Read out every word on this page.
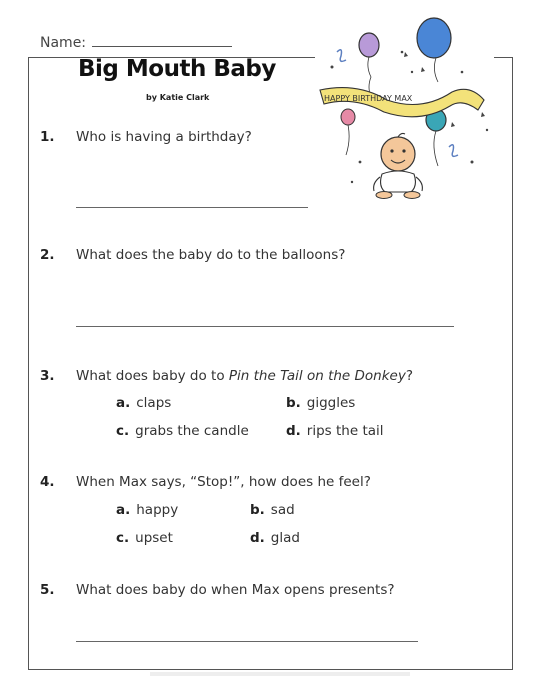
Name:
Big Mouth Baby
by Katie Clark	HAPPY BIRTHDAY MAX
1. Who is having a birthday?
2. What does the baby do to the balloons?
3. What does baby do to Pin the Tail on the Donkey?
a. claps	b. giggles
c. grabs the candle	d. rips the tail
4. When Max says, “Stop!”, how does he feel?
a. happy	b. sad
c. upset	d. glad
5. What does baby do when Max opens presents?
